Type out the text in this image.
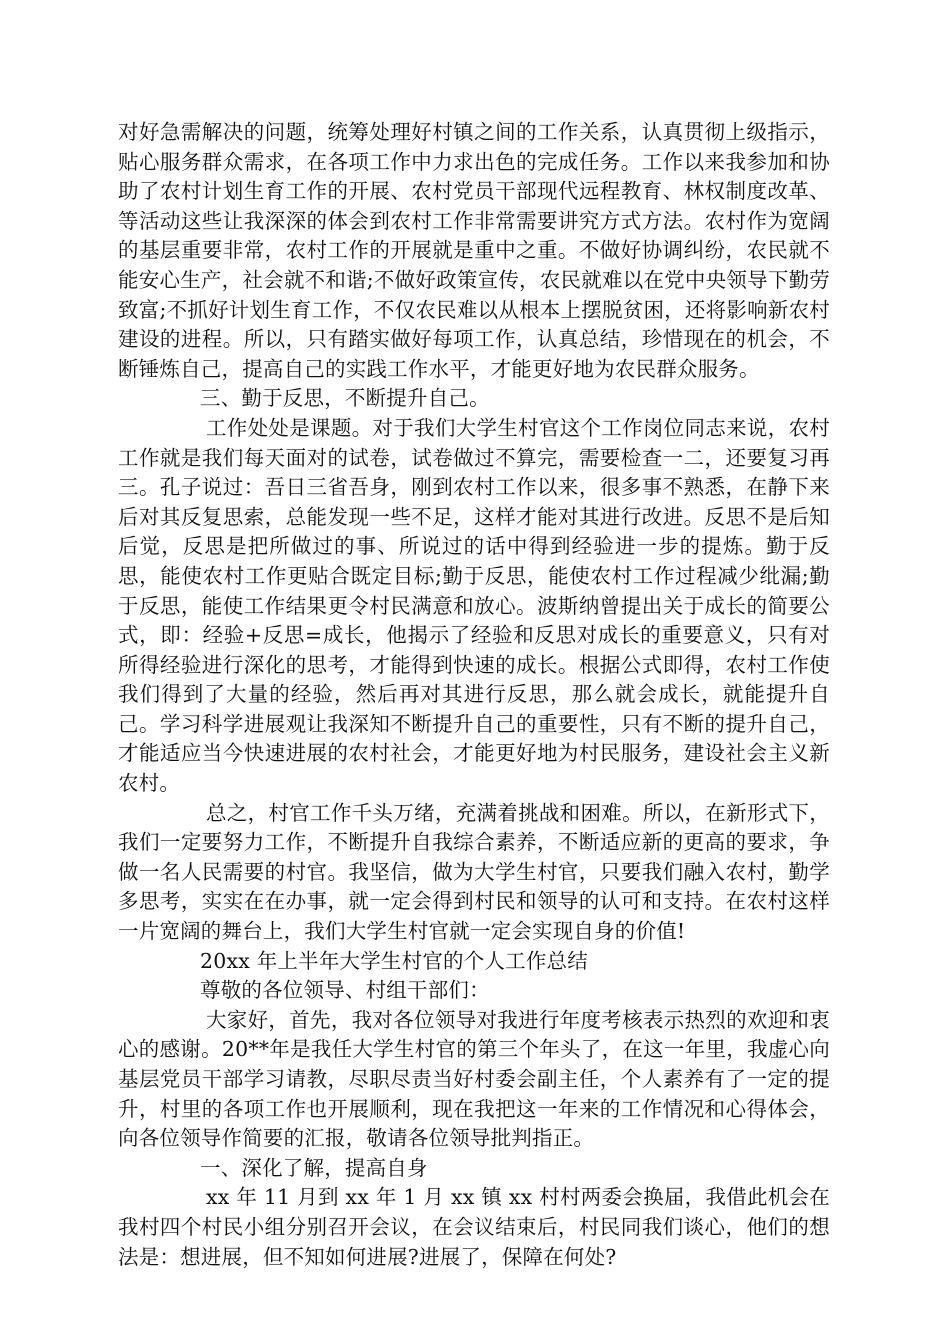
对好急需解决的问题，统筹处理好村镇之间的工作关系，认真贯彻上级指示，贴心服务群众需求，在各项工作中力求出色的完成任务。工作以来我参加和协助了农村计划生育工作的开展、农村党员干部现代远程教育、林权制度改革、等活动这些让我深深的体会到农村工作非常需要讲究方式方法。农村作为宽阔的基层重要非常，农村工作的开展就是重中之重。不做好协调纠纷，农民就不能安心生产，社会就不和谐;不做好政策宣传，农民就难以在党中央领导下勤劳致富;不抓好计划生育工作，不仅农民难以从根本上摆脱贫困，还将影响新农村建设的进程。所以，只有踏实做好每项工作，认真总结，珍惜现在的机会，不断锤炼自己，提高自己的实践工作水平，才能更好地为农民群众服务。

三、勤于反思，不断提升自己。

工作处处是课题。对于我们大学生村官这个工作岗位同志来说，农村工作就是我们每天面对的试卷，试卷做过不算完，需要检查一二，还要复习再三。孔子说过：吾日三省吾身，刚到农村工作以来，很多事不熟悉，在静下来后对其反复思索，总能发现一些不足，这样才能对其进行改进。反思不是后知后觉，反思是把所做过的事、所说过的话中得到经验进一步的提炼。勤于反思，能使农村工作更贴合既定目标;勤于反思，能使农村工作过程减少纰漏;勤于反思，能使工作结果更令村民满意和放心。波斯纳曾提出关于成长的简要公式，即：经验+反思=成长，他揭示了经验和反思对成长的重要意义，只有对所得经验进行深化的思考，才能得到快速的成长。根据公式即得，农村工作使我们得到了大量的经验，然后再对其进行反思，那么就会成长，就能提升自己。学习科学进展观让我深知不断提升自己的重要性，只有不断的提升自己，才能适应当今快速进展的农村社会，才能更好地为村民服务，建设社会主义新农村。

总之，村官工作千头万绪，充满着挑战和困难。所以，在新形式下，我们一定要努力工作，不断提升自我综合素养，不断适应新的更高的要求，争做一名人民需要的村官。我坚信，做为大学生村官，只要我们融入农村，勤学多思考，实实在在办事，就一定会得到村民和领导的认可和支持。在农村这样一片宽阔的舞台上，我们大学生村官就一定会实现自身的价值!

20xx 年上半年大学生村官的个人工作总结

尊敬的各位领导、村组干部们：

大家好，首先，我对各位领导对我进行年度考核表示热烈的欢迎和衷心的感谢。20**年是我任大学生村官的第三个年头了，在这一年里，我虚心向基层党员干部学习请教，尽职尽责当好村委会副主任，个人素养有了一定的提升，村里的各项工作也开展顺利，现在我把这一年来的工作情况和心得体会，向各位领导作简要的汇报，敬请各位领导批判指正。

一、深化了解，提高自身

xx 年 11 月到 xx 年 1 月 xx 镇 xx 村村两委会换届，我借此机会在我村四个村民小组分别召开会议，在会议结束后，村民同我们谈心，他们的想法是：想进展，但不知如何进展?进展了，保障在何处?
